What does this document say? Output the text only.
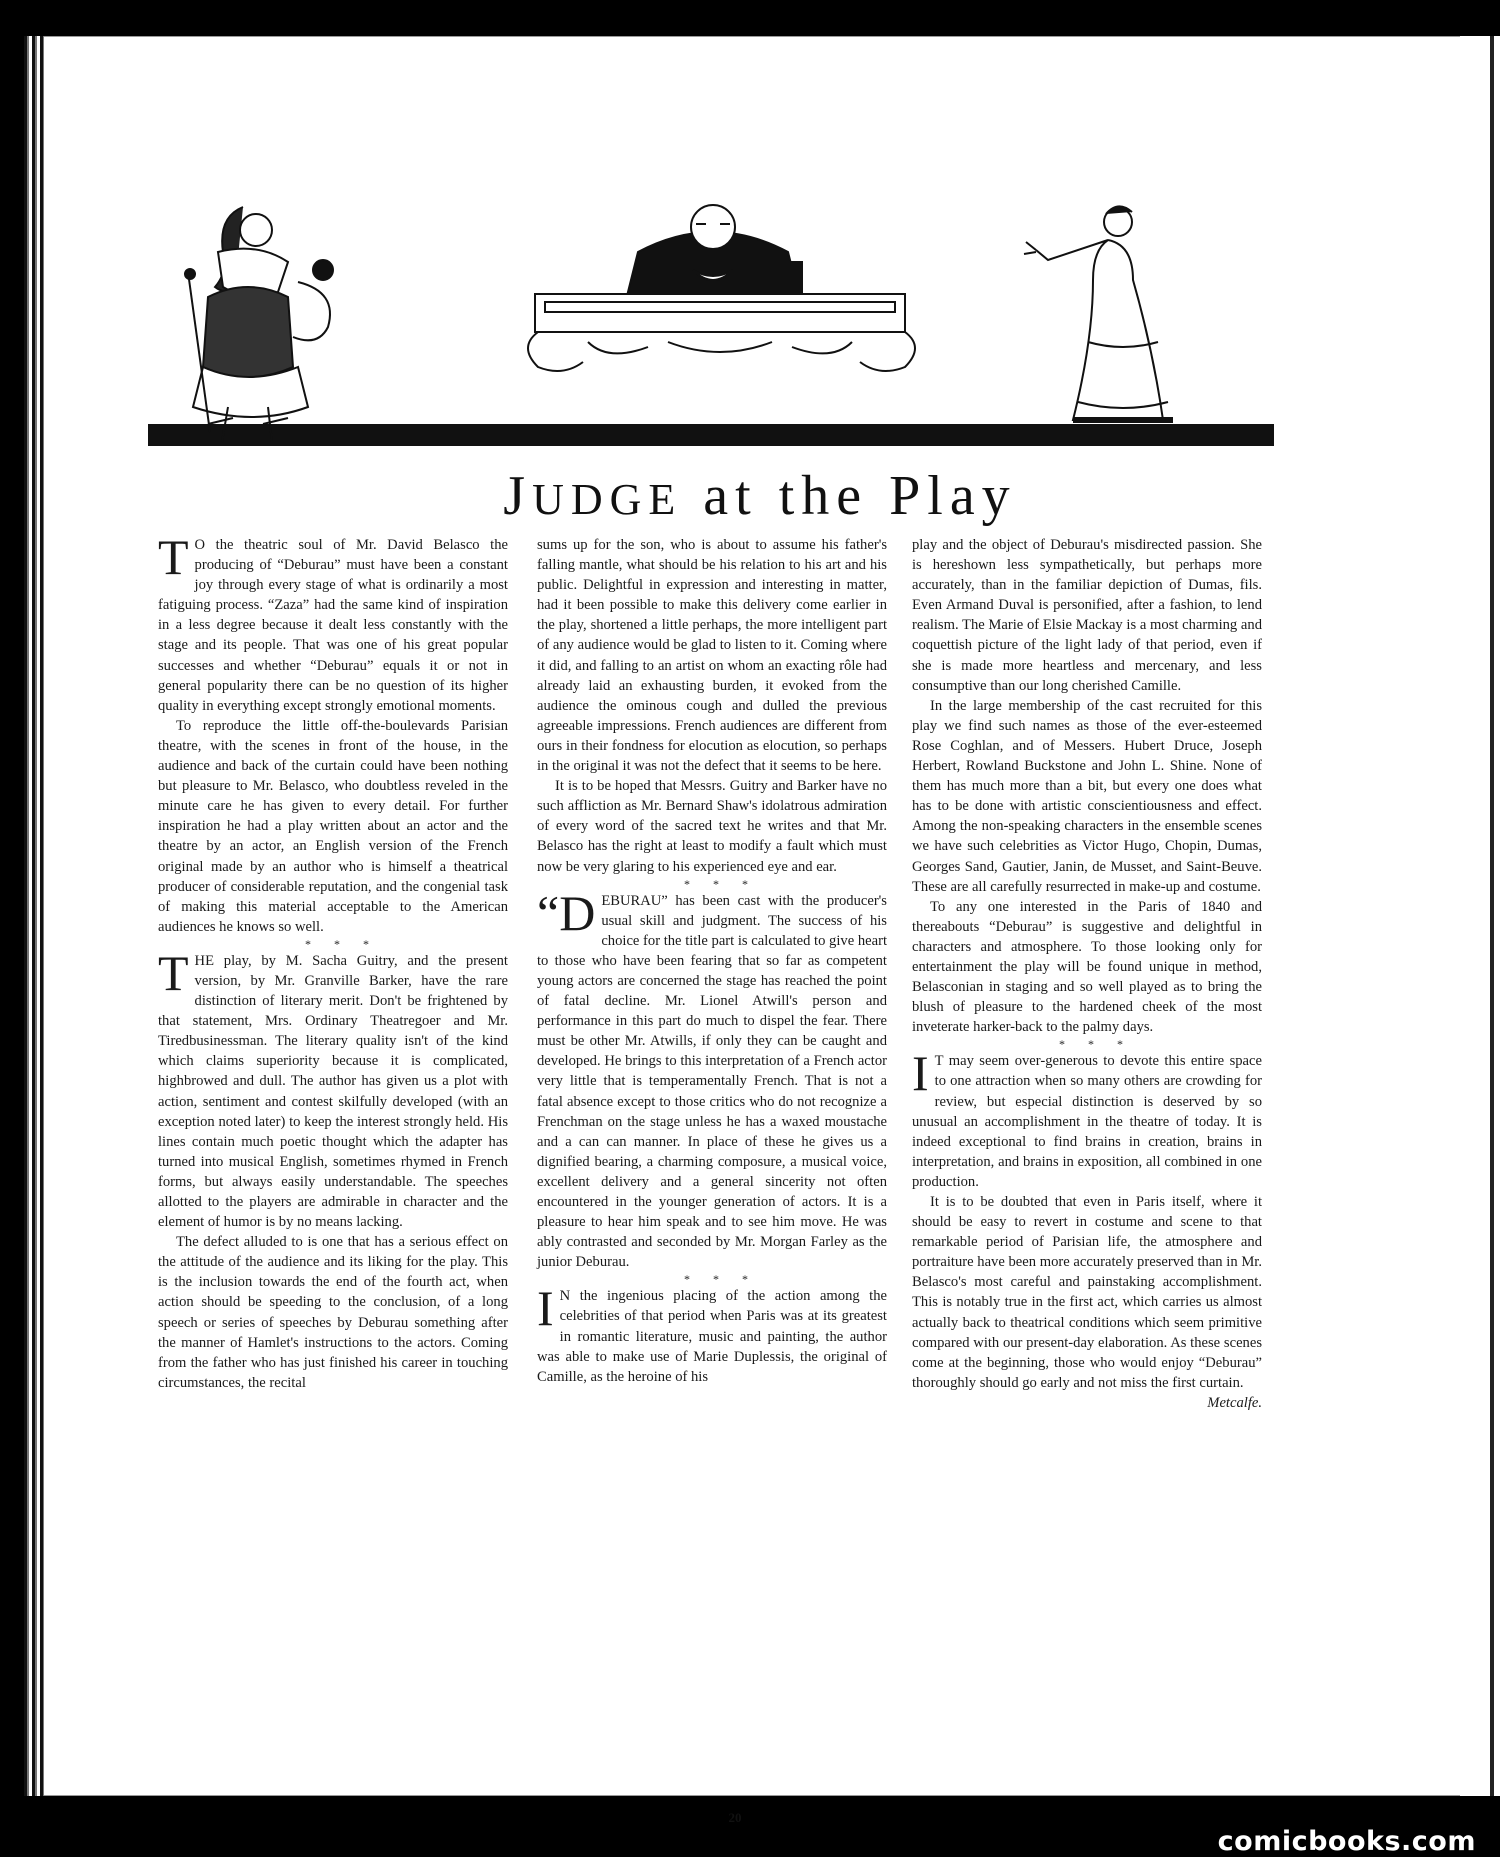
JUDGE at the Play

T O the theatric soul of Mr. David Belasco the producing of “Deburau” must have been a constant joy through every stage of what is ordinarily a most fatiguing process. “Zaza” had the same kind of inspiration in a less degree because it dealt less constantly with the stage and its people. That was one of his great popular successes and whether “Deburau” equals it or not in general popularity there can be no question of its higher quality in everything except strongly emotional moments.

To reproduce the little off-the-boulevards Parisian theatre, with the scenes in front of the house, in the audience and back of the curtain could have been nothing but pleasure to Mr. Belasco, who doubtless reveled in the minute care he has given to every detail. For further inspiration he had a play written about an actor and the theatre by an actor, an English version of the French original made by an author who is himself a theatrical producer of considerable reputation, and the congenial task of making this material acceptable to the American audiences he knows so well.

* * *

THE play, by M. Sacha Guitry, and the present version, by Mr. Granville Barker, have the rare distinction of literary merit. Don't be frightened by that statement, Mrs. Ordinary Theatregoer and Mr. Tiredbusinessman. The literary quality isn't of the kind which claims superiority because it is complicated, highbrowed and dull. The author has given us a plot with action, sentiment and contest skilfully developed (with an exception noted later) to keep the interest strongly held. His lines contain much poetic thought which the adapter has turned into musical English, sometimes rhymed in French forms, but always easily understandable. The speeches allotted to the players are admirable in character and the element of humor is by no means lacking.

The defect alluded to is one that has a serious effect on the attitude of the audience and its liking for the play. This is the inclusion towards the end of the fourth act, when action should be speeding to the conclusion, of a long speech or series of speeches by Deburau something after the manner of Hamlet's instructions to the actors. Coming from the father who has just finished his career in touching circumstances, the recital

sums up for the son, who is about to assume his father's falling mantle, what should be his relation to his art and his public. Delightful in expression and interesting in matter, had it been possible to make this delivery come earlier in the play, shortened a little perhaps, the more intelligent part of any audience would be glad to listen to it. Coming where it did, and falling to an artist on whom an exacting rôle had already laid an exhausting burden, it evoked from the audience the ominous cough and dulled the previous agreeable impressions. French audiences are different from ours in their fondness for elocution as elocution, so perhaps in the original it was not the defect that it seems to be here.

It is to be hoped that Messrs. Guitry and Barker have no such affliction as Mr. Bernard Shaw's idolatrous admiration of every word of the sacred text he writes and that Mr. Belasco has the right at least to modify a fault which must now be very glaring to his experienced eye and ear.

* * *

“DEBURAU” has been cast with the producer's usual skill and judgment. The success of his choice for the title part is calculated to give heart to those who have been fearing that so far as competent young actors are concerned the stage has reached the point of fatal decline. Mr. Lionel Atwill's person and performance in this part do much to dispel the fear. There must be other Mr. Atwills, if only they can be caught and developed. He brings to this interpretation of a French actor very little that is temperamentally French. That is not a fatal absence except to those critics who do not recognize a Frenchman on the stage unless he has a waxed moustache and a can can manner. In place of these he gives us a dignified bearing, a charming composure, a musical voice, excellent delivery and a general sincerity not often encountered in the younger generation of actors. It is a pleasure to hear him speak and to see him move. He was ably contrasted and seconded by Mr. Morgan Farley as the junior Deburau.

* * *

I N the ingenious placing of the action among the celebrities of that period when Paris was at its greatest in romantic literature, music and painting, the author was able to make use of Marie Duplessis, the original of Camille, as the heroine of his

play and the object of Deburau's misdirected passion. She is hereshown less sympathetically, but perhaps more accurately, than in the familiar depiction of Dumas, fils. Even Armand Duval is personified, after a fashion, to lend realism. The Marie of Elsie Mackay is a most charming and coquettish picture of the light lady of that period, even if she is made more heartless and mercenary, and less consumptive than our long cherished Camille.

In the large membership of the cast recruited for this play we find such names as those of the ever-esteemed Rose Coghlan, and of Messers. Hubert Druce, Joseph Herbert, Rowland Buckstone and John L. Shine. None of them has much more than a bit, but every one does what has to be done with artistic conscientiousness and effect. Among the non-speaking characters in the ensemble scenes we have such celebrities as Victor Hugo, Chopin, Dumas, Georges Sand, Gautier, Janin, de Musset, and Saint-Beuve. These are all carefully resurrected in make-up and costume.

To any one interested in the Paris of 1840 and thereabouts “Deburau” is suggestive and delightful in characters and atmosphere. To those looking only for entertainment the play will be found unique in method, Belasconian in staging and so well played as to bring the blush of pleasure to the hardened cheek of the most inveterate harker-back to the palmy days.

* * *

I T may seem over-generous to devote this entire space to one attraction when so many others are crowding for review, but especial distinction is deserved by so unusual an accomplishment in the theatre of today. It is indeed exceptional to find brains in creation, brains in interpretation, and brains in exposition, all combined in one production.

It is to be doubted that even in Paris itself, where it should be easy to revert in costume and scene to that remarkable period of Parisian life, the atmosphere and portraiture have been more accurately preserved than in Mr. Belasco's most careful and painstaking accomplishment. This is notably true in the first act, which carries us almost actually back to theatrical conditions which seem primitive compared with our present-day elaboration. As these scenes come at the beginning, those who would enjoy “Deburau” thoroughly should go early and not miss the first curtain.

Metcalfe.
20
comicbooks.com
